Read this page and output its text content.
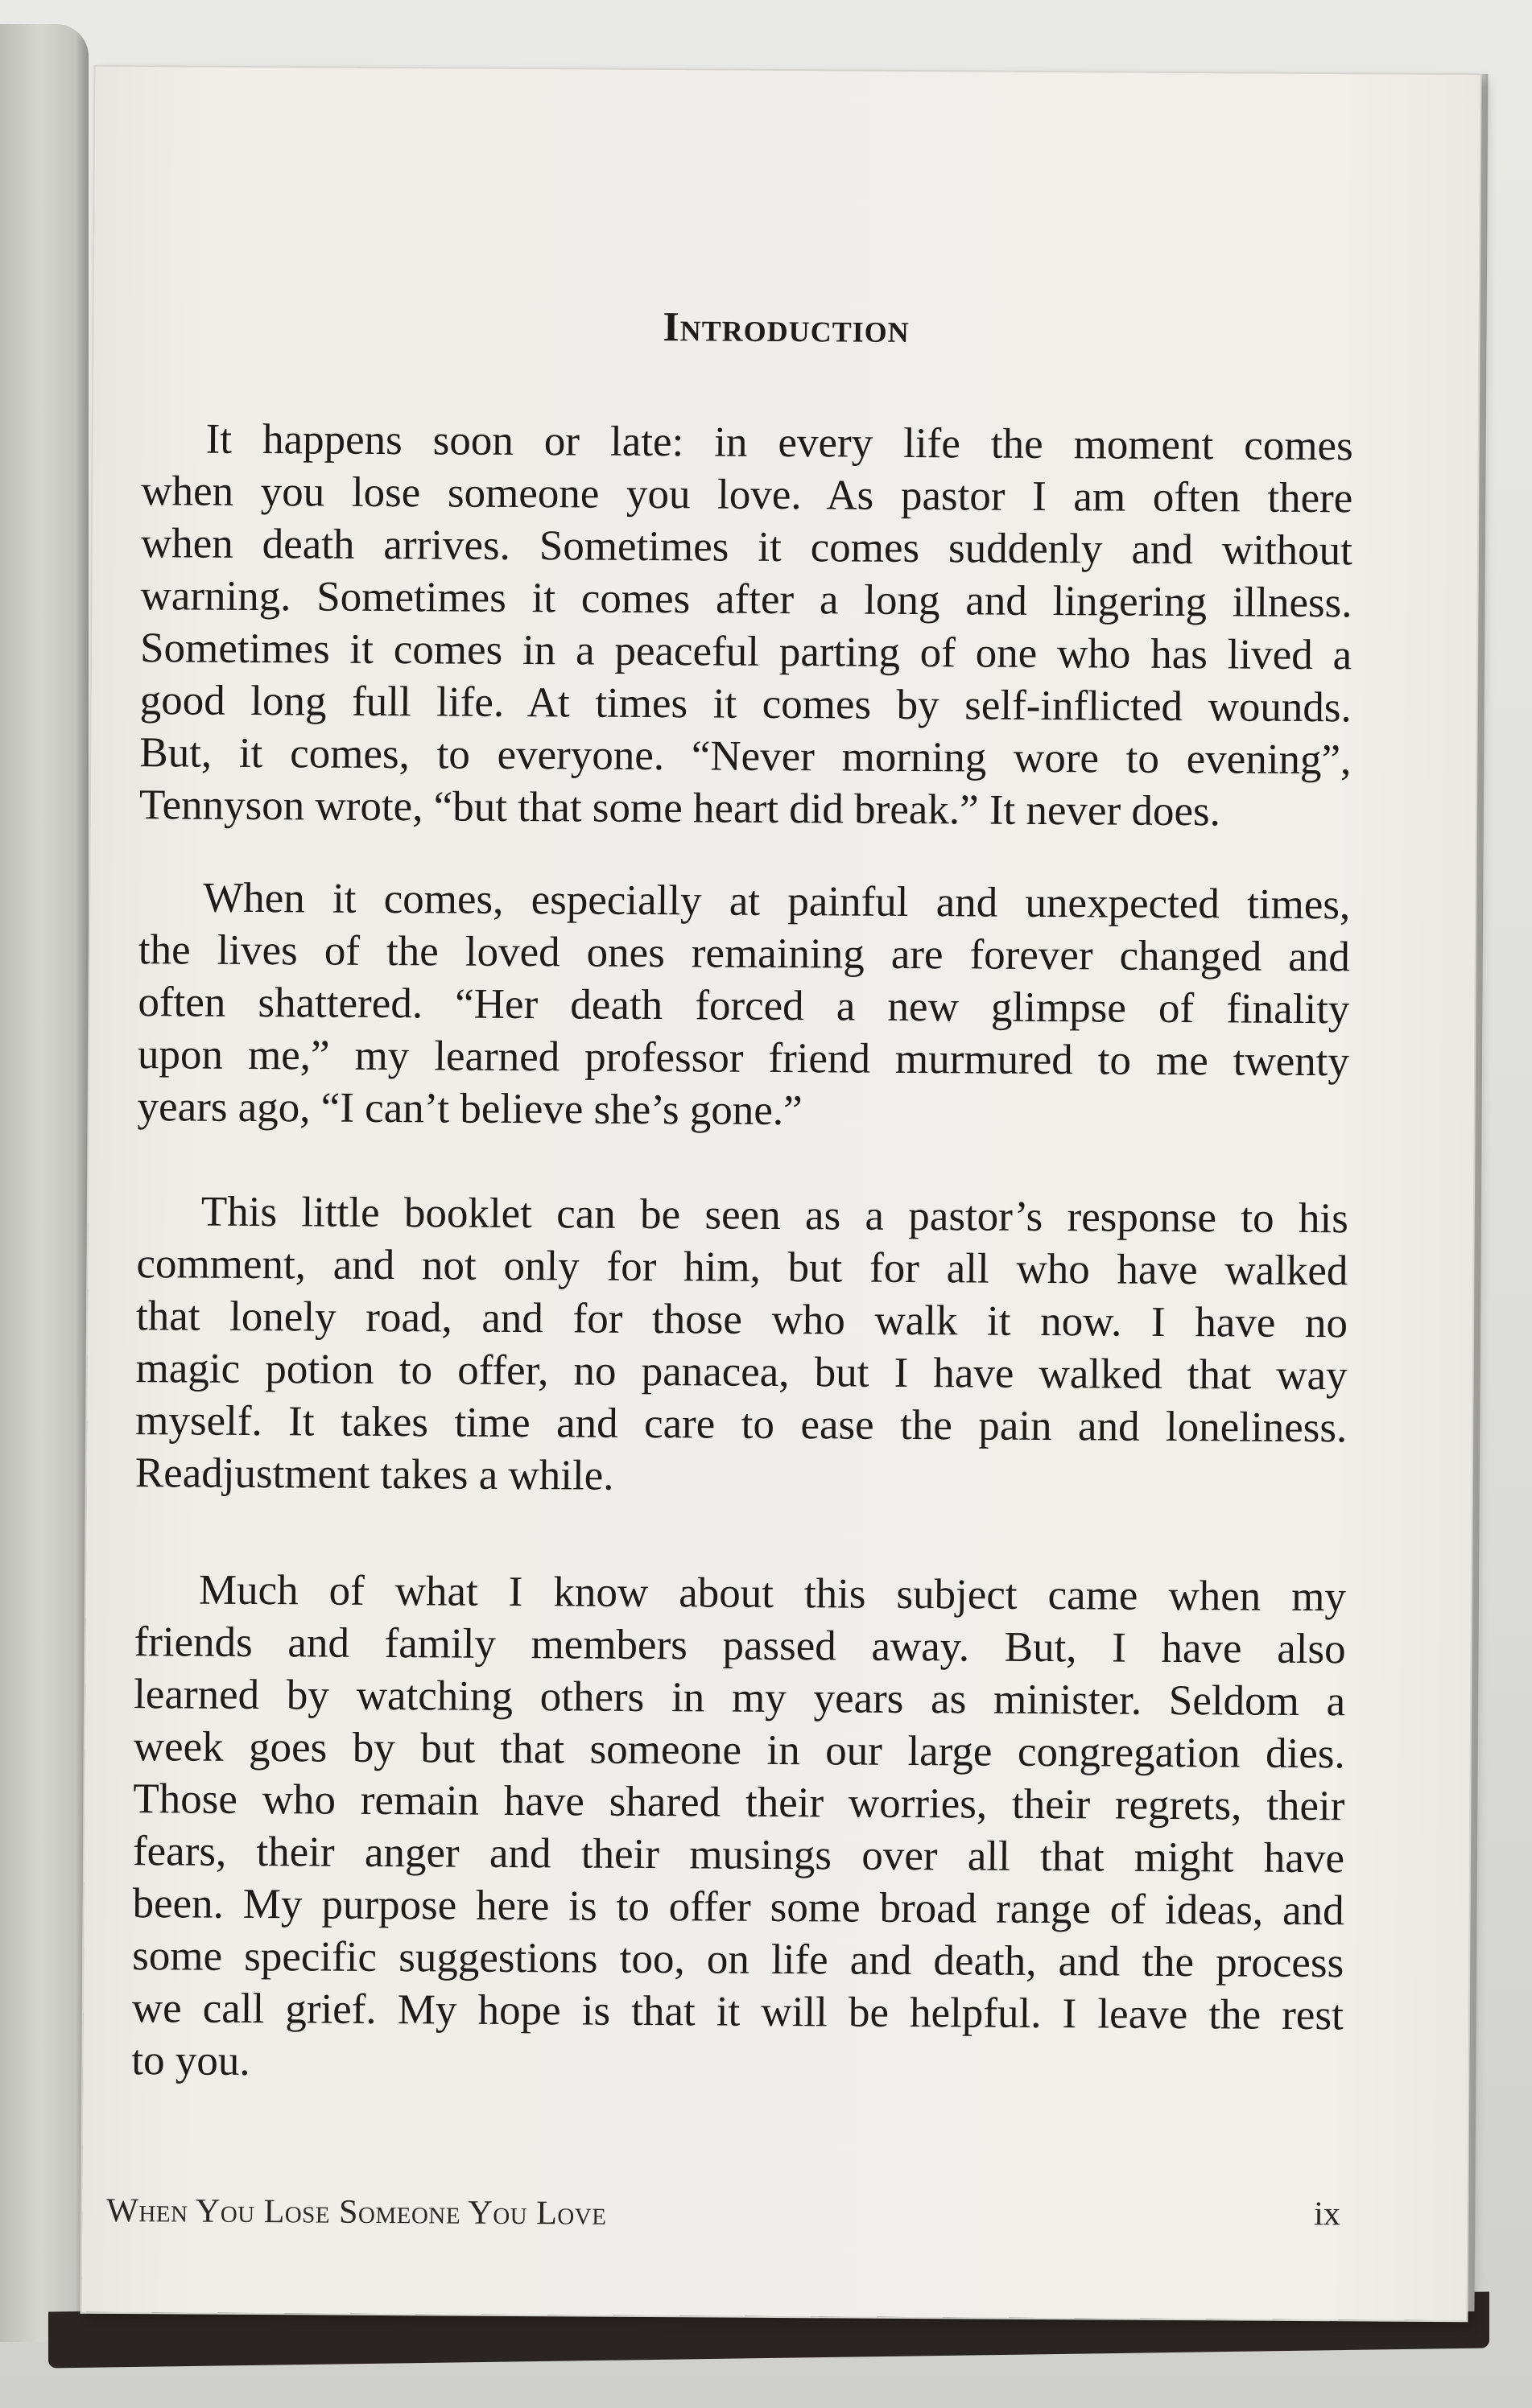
Introduction
It happens soon or late: in every life the moment comes
when you lose someone you love. As pastor I am often there
when death arrives. Sometimes it comes suddenly and without
warning. Sometimes it comes after a long and lingering illness.
Sometimes it comes in a peaceful parting of one who has lived a
good long full life. At times it comes by self-inflicted wounds.
But, it comes, to everyone. “Never morning wore to evening”,
Tennyson wrote, “but that some heart did break.” It never does.
When it comes, especially at painful and unexpected times,
the lives of the loved ones remaining are forever changed and
often shattered. “Her death forced a new glimpse of finality
upon me,” my learned professor friend murmured to me twenty
years ago, “I can’t believe she’s gone.”
This little booklet can be seen as a pastor’s response to his
comment, and not only for him, but for all who have walked
that lonely road, and for those who walk it now. I have no
magic potion to offer, no panacea, but I have walked that way
myself. It takes time and care to ease the pain and loneliness.
Readjustment takes a while.
Much of what I know about this subject came when my
friends and family members passed away. But, I have also
learned by watching others in my years as minister. Seldom a
week goes by but that someone in our large congregation dies.
Those who remain have shared their worries, their regrets, their
fears, their anger and their musings over all that might have
been. My purpose here is to offer some broad range of ideas, and
some specific suggestions too, on life and death, and the process
we call grief. My hope is that it will be helpful. I leave the rest
to you.
When You Lose Someone You Love	ix
